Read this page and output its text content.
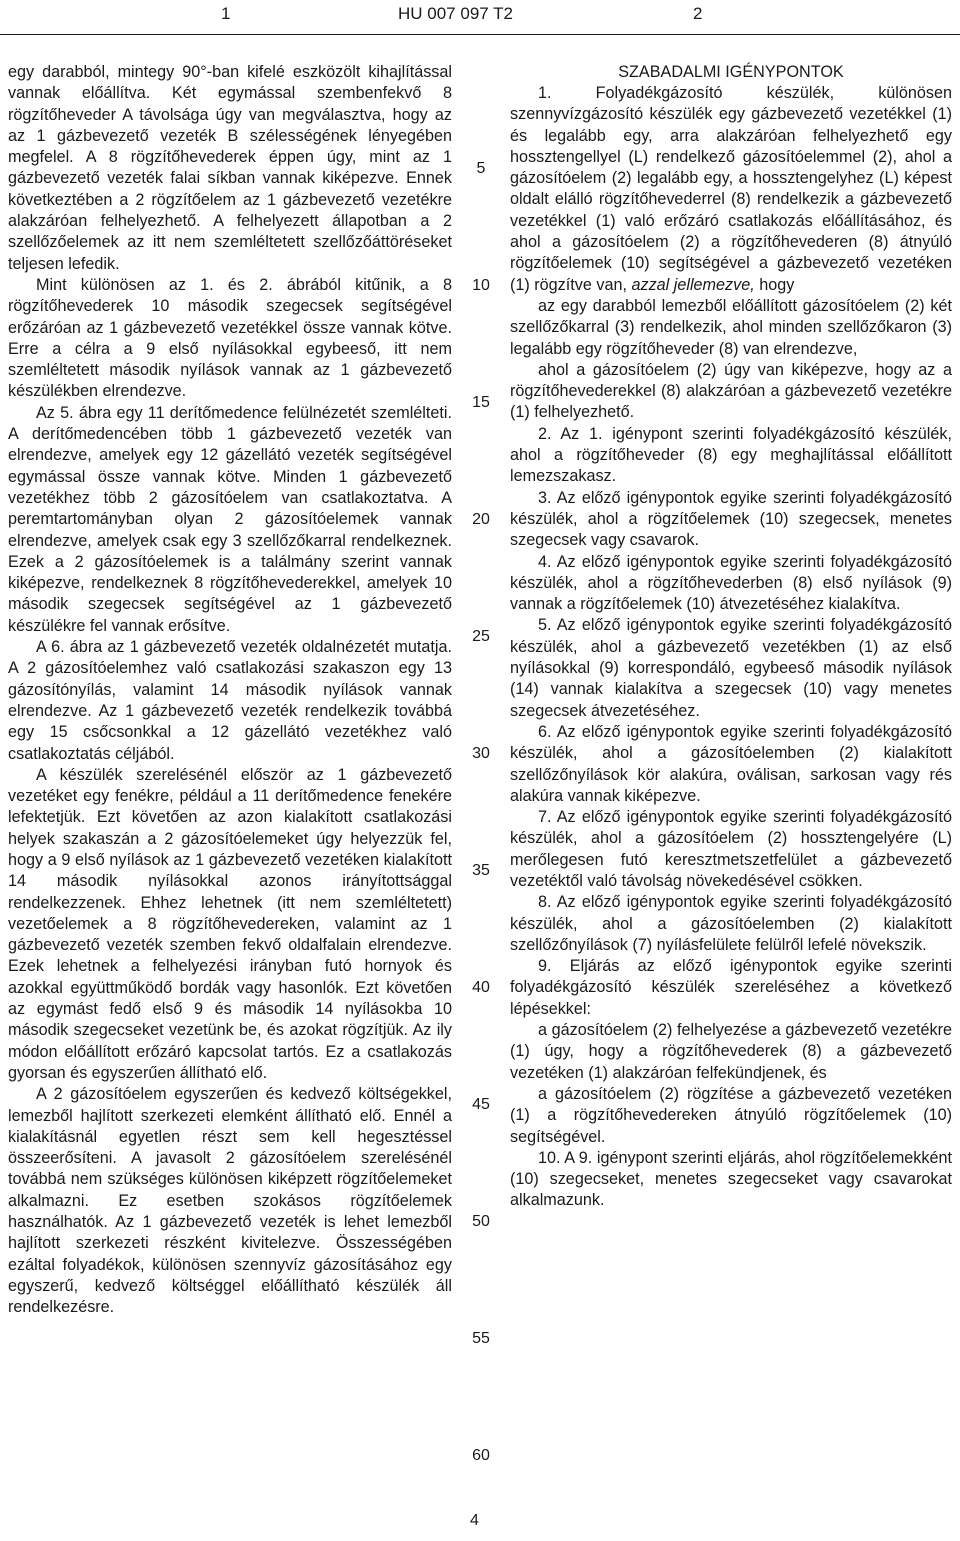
1	HU 007 097 T2	2

egy darabból, mintegy 90°-ban kifelé eszközölt kihajlítással vannak előállítva. Két egymással szembenfekvő 8 rögzítőheveder A távolsága úgy van megválasztva, hogy az az 1 gázbevezető vezeték B szélességének lényegében megfelel. A 8 rögzítőhevederek éppen úgy, mint az 1 gázbevezető vezeték falai síkban vannak kiképezve. Ennek következtében a 2 rögzítőelem az 1 gázbevezető vezetékre alakzáróan felhelyezhető. A felhelyezett állapotban a 2 szellőzőelemek az itt nem szemléltetett szellőzőáttöréseket teljesen lefedik.

Mint különösen az 1. és 2. ábrából kitűnik, a 8 rögzítőhevederek 10 második szegecsek segítségével erőzáróan az 1 gázbevezető vezetékkel össze vannak kötve. Erre a célra a 9 első nyílásokkal egybeeső, itt nem szemléltetett második nyílások vannak az 1 gázbevezető készülékben elrendezve.

Az 5. ábra egy 11 derítőmedence felülnézetét szemlélteti. A derítőmedencében több 1 gázbevezető vezeték van elrendezve, amelyek egy 12 gázellátó vezeték segítségével egymással össze vannak kötve. Minden 1 gázbevezető vezetékhez több 2 gázosítóelem van csatlakoztatva. A peremtartományban olyan 2 gázosítóelemek vannak elrendezve, amelyek csak egy 3 szellőzőkarral rendelkeznek. Ezek a 2 gázosítóelemek is a találmány szerint vannak kiképezve, rendelkeznek 8 rögzítőhevederekkel, amelyek 10 második szegecsek segítségével az 1 gázbevezető készülékre fel vannak erősítve.

A 6. ábra az 1 gázbevezető vezeték oldalnézetét mutatja. A 2 gázosítóelemhez való csatlakozási szakaszon egy 13 gázosítónyílás, valamint 14 második nyílások vannak elrendezve. Az 1 gázbevezető vezeték rendelkezik továbbá egy 15 csőcsonkkal a 12 gázellátó vezetékhez való csatlakoztatás céljából.

A készülék szerelésénél először az 1 gázbevezető vezetéket egy fenékre, például a 11 derítőmedence fenekére lefektetjük. Ezt követően az azon kialakított csatlakozási helyek szakaszán a 2 gázosítóelemeket úgy helyezzük fel, hogy a 9 első nyílások az 1 gázbevezető vezetéken kialakított 14 második nyílásokkal azonos irányítottsággal rendelkezzenek. Ehhez lehetnek (itt nem szemléltetett) vezetőelemek a 8 rögzítőhevedereken, valamint az 1 gázbevezető vezeték szemben fekvő oldalfalain elrendezve. Ezek lehetnek a felhelyezési irányban futó hornyok és azokkal együttműködő bordák vagy hasonlók. Ezt követően az egymást fedő első 9 és második 14 nyílásokba 10 második szegecseket vezetünk be, és azokat rögzítjük. Az ily módon előállított erőzáró kapcsolat tartós. Ez a csatlakozás gyorsan és egyszerűen állítható elő.

A 2 gázosítóelem egyszerűen és kedvező költségekkel, lemezből hajlított szerkezeti elemként állítható elő. Ennél a kialakításnál egyetlen részt sem kell hegesztéssel összeerősíteni. A javasolt 2 gázosítóelem szerelésénél továbbá nem szükséges különösen kiképzett rögzítőelemeket alkalmazni. Ez esetben szokásos rögzítőelemek használhatók. Az 1 gázbevezető vezeték is lehet lemezből hajlított szerkezeti részként kivitelezve. Összességében ezáltal folyadékok, különösen szennyvíz gázosításához egy egyszerű, kedvező költséggel előállítható készülék áll rendelkezésre.

5
10
15
20
25
30
35
40
45
50
55
60

SZABADALMI IGÉNYPONTOK

1. Folyadékgázosító készülék, különösen szennyvízgázosító készülék egy gázbevezető vezetékkel (1) és legalább egy, arra alakzáróan felhelyezhető egy hossztengellyel (L) rendelkező gázosítóelemmel (2), ahol a gázosítóelem (2) legalább egy, a hossztengelyhez (L) képest oldalt elálló rögzítőhevederrel (8) rendelkezik a gázbevezető vezetékkel (1) való erőzáró csatlakozás előállításához, és ahol a gázosítóelem (2) a rögzítőhevederen (8) átnyúló rögzítőelemek (10) segítségével a gázbevezető vezetéken (1) rögzítve van, azzal jellemezve, hogy

az egy darabból lemezből előállított gázosítóelem (2) két szellőzőkarral (3) rendelkezik, ahol minden szellőzőkaron (3) legalább egy rögzítőheveder (8) van elrendezve,

ahol a gázosítóelem (2) úgy van kiképezve, hogy az a rögzítőhevederekkel (8) alakzáróan a gázbevezető vezetékre (1) felhelyezhető.

2. Az 1. igénypont szerinti folyadékgázosító készülék, ahol a rögzítőheveder (8) egy meghajlítással előállított lemezszakasz.

3. Az előző igénypontok egyike szerinti folyadékgázosító készülék, ahol a rögzítőelemek (10) szegecsek, menetes szegecsek vagy csavarok.

4. Az előző igénypontok egyike szerinti folyadékgázosító készülék, ahol a rögzítőhevederben (8) első nyílások (9) vannak a rögzítőelemek (10) átvezetéséhez kialakítva.

5. Az előző igénypontok egyike szerinti folyadékgázosító készülék, ahol a gázbevezető vezetékben (1) az első nyílásokkal (9) korrespondáló, egybeeső második nyílások (14) vannak kialakítva a szegecsek (10) vagy menetes szegecsek átvezetéséhez.

6. Az előző igénypontok egyike szerinti folyadékgázosító készülék, ahol a gázosítóelemben (2) kialakított szellőzőnyílások kör alakúra, oválisan, sarkosan vagy rés alakúra vannak kiképezve.

7. Az előző igénypontok egyike szerinti folyadékgázosító készülék, ahol a gázosítóelem (2) hossztengelyére (L) merőlegesen futó keresztmetszetfelület a gázbevezető vezetéktől való távolság növekedésével csökken.

8. Az előző igénypontok egyike szerinti folyadékgázosító készülék, ahol a gázosítóelemben (2) kialakított szellőzőnyílások (7) nyílásfelülete felülről lefelé növekszik.

9. Eljárás az előző igénypontok egyike szerinti folyadékgázosító készülék szereléséhez a következő lépésekkel:

a gázosítóelem (2) felhelyezése a gázbevezető vezetékre (1) úgy, hogy a rögzítőhevederek (8) a gázbevezető vezetéken (1) alakzáróan felfekündjenek, és

a gázosítóelem (2) rögzítése a gázbevezető vezetéken (1) a rögzítőhevedereken átnyúló rögzítőelemek (10) segítségével.

10. A 9. igénypont szerinti eljárás, ahol rögzítőelemekként (10) szegecseket, menetes szegecseket vagy csavarokat alkalmazunk.

4
